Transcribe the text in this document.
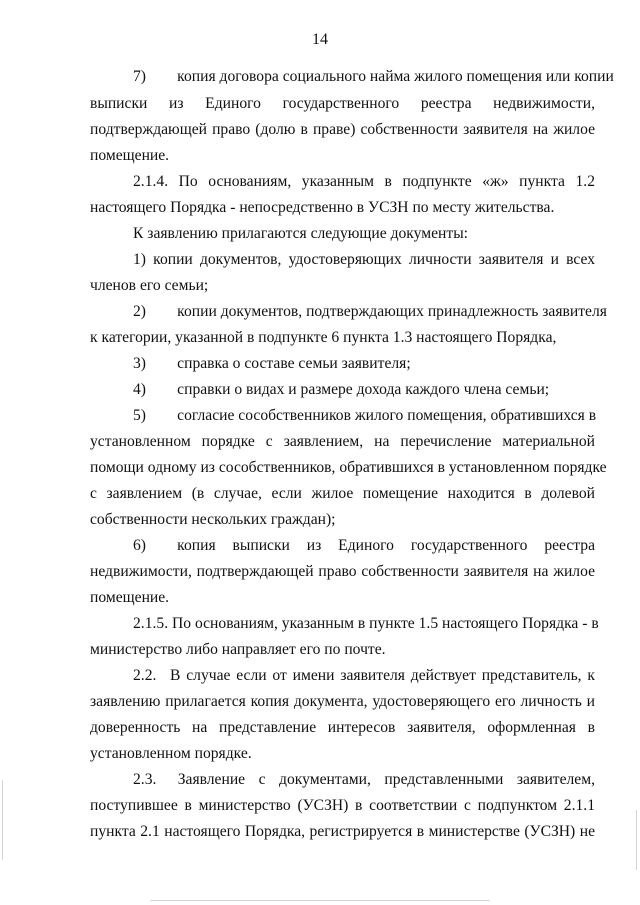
14
7)  копия договора социального найма жилого помещения или копии
выписки из Единого государственного реестра недвижимости,
подтверждающей право (долю в праве) собственности заявителя на жилое
помещение.
2.1.4. По основаниям, указанным в подпункте «ж» пункта 1.2
настоящего Порядка - непосредственно в УСЗН по месту жительства.
К заявлению прилагаются следующие документы:
1) копии документов, удостоверяющих личности заявителя и всех
членов его семьи;
2)  копии документов, подтверждающих принадлежность заявителя
к категории, указанной в подпункте 6 пункта 1.3 настоящего Порядка,
3)  справка о составе семьи заявителя;
4)  справки о видах и размере дохода каждого члена семьи;
5)  согласие сособственников жилого помещения, обратившихся в
установленном порядке с заявлением, на перечисление материальной
помощи одному из сособственников, обратившихся в установленном порядке
с заявлением (в случае, если жилое помещение находится в долевой
собственности нескольких граждан);
6)  копия выписки из Единого государственного реестра
недвижимости, подтверждающей право собственности заявителя на жилое
помещение.
2.1.5. По основаниям, указанным в пункте 1.5 настоящего Порядка - в
министерство либо направляет его по почте.
2.2.  В случае если от имени заявителя действует представитель, к
заявлению прилагается копия документа, удостоверяющего его личность и
доверенность на представление интересов заявителя, оформленная в
установленном порядке.
2.3.  Заявление с документами, представленными заявителем,
поступившее в министерство (УСЗН) в соответствии с подпунктом 2.1.1
пункта 2.1 настоящего Порядка, регистрируется в министерстве (УСЗН) не
